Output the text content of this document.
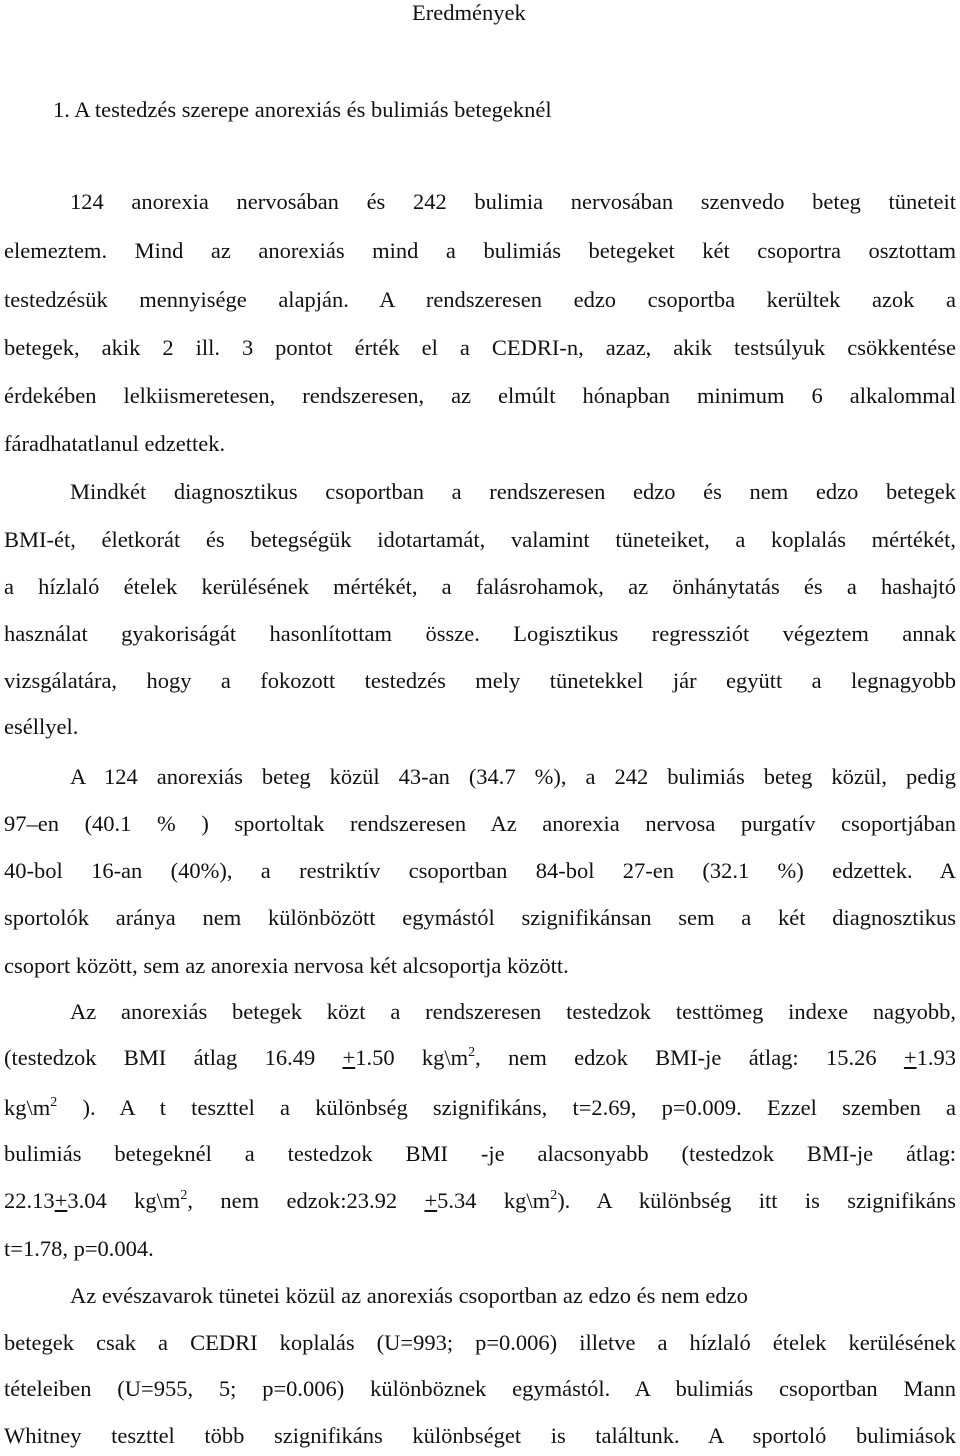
Eredmények
1. A testedzés szerepe anorexiás és bulimiás betegeknél
124 anorexia nervosában és 242 bulimia nervosában szenvedo beteg tüneteit
elemeztem. Mind az anorexiás mind a bulimiás betegeket két csoportra osztottam
testedzésük mennyisége alapján. A rendszeresen edzo csoportba kerültek azok a
betegek, akik 2 ill. 3 pontot érték el a CEDRI-n, azaz, akik testsúlyuk csökkentése
érdekében lelkiismeretesen, rendszeresen, az elmúlt hónapban minimum 6 alkalommal
fáradhatatlanul edzettek.
Mindkét diagnosztikus csoportban a rendszeresen edzo és nem edzo betegek
BMI-ét, életkorát és betegségük idotartamát, valamint tüneteiket, a koplalás mértékét,
a hízlaló ételek kerülésének mértékét, a falásrohamok, az önhánytatás és a hashajtó
használat gyakoriságát hasonlítottam össze. Logisztikus regressziót végeztem annak
vizsgálatára, hogy a fokozott testedzés mely tünetekkel jár együtt a legnagyobb
eséllyel.
A 124 anorexiás beteg közül 43-an (34.7 %), a 242 bulimiás beteg közül, pedig
97–en (40.1 % ) sportoltak rendszeresen Az anorexia nervosa purgatív csoportjában
40-bol 16-an (40%), a restriktív csoportban 84-bol 27-en (32.1 %) edzettek. A
sportolók aránya nem különbözött egymástól szignifikánsan sem a két diagnosztikus
csoport között, sem az anorexia nervosa két alcsoportja között.
Az anorexiás betegek közt a rendszeresen testedzok testtömeg indexe nagyobb,
(testedzok BMI átlag 16.49 +1.50 $kg\backslash m^2$, nem edzok BMI-je átlag: 15.26 +1.93
$kg\backslash m^2$ ). A t teszttel a különbség szignifikáns, t=2.69, p=0.009. Ezzel szemben a
bulimiás betegeknél a testedzok BMI -je alacsonyabb (testedzok BMI-je átlag:
22.13+3.04 $kg\backslash m^2$, nem edzok:23.92 +5.34 $kg\backslash m^2$). A különbség itt is szignifikáns
t=1.78, p=0.004.
Az evészavarok tünetei közül az anorexiás csoportban az edzo és nem edzo
betegek csak a CEDRI koplalás (U=993; p=0.006) illetve a hízlaló ételek kerülésének
tételeiben (U=955, 5; p=0.006) különböznek egymástól. A bulimiás csoportban Mann
Whitney teszttel több szignifikáns különbséget is találtunk. A sportoló bulimiások
